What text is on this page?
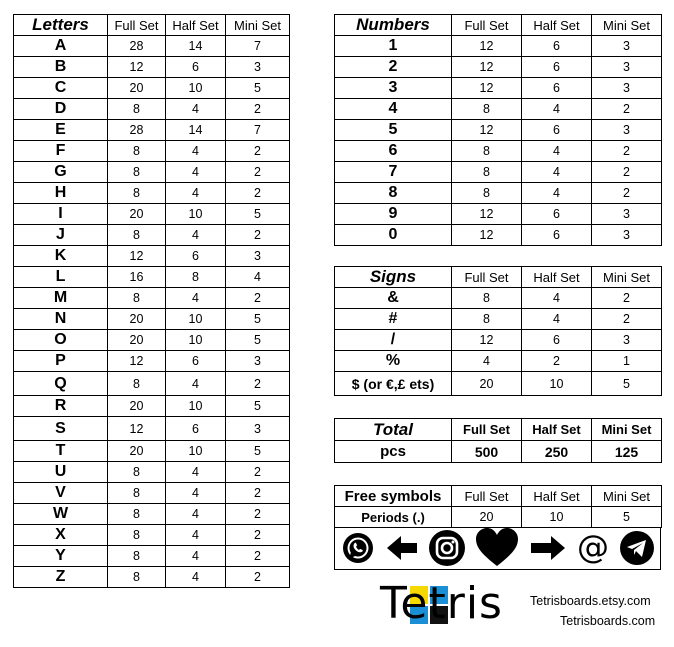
Letters	Full Set	Half Set	Mini Set
A	28	14	7
B	12	6	3
C	20	10	5
D	8	4	2
E	28	14	7
F	8	4	2
G	8	4	2
H	8	4	2
I	20	10	5
J	8	4	2
K	12	6	3
L	16	8	4
M	8	4	2
N	20	10	5
O	20	10	5
P	12	6	3
Q	8	4	2
R	20	10	5
S	12	6	3
T	20	10	5
U	8	4	2
V	8	4	2
W	8	4	2
X	8	4	2
Y	8	4	2
Z	8	4	2
Numbers	Full Set	Half Set	Mini Set
1	12	6	3
2	12	6	3
3	12	6	3
4	8	4	2
5	12	6	3
6	8	4	2
7	8	4	2
8	8	4	2
9	12	6	3
0	12	6	3
Signs	Full Set	Half Set	Mini Set
&	8	4	2
#	8	4	2
/	12	6	3
%	4	2	1
$ (or €,£ ets)	20	10	5
Total	Full Set	Half Set	Mini Set
pcs	500	250	125
Free symbols	Full Set	Half Set	Mini Set
Periods (.)	20	10	5
@
Tetris Tetrisboards.etsy.com
Tetrisboards.com
